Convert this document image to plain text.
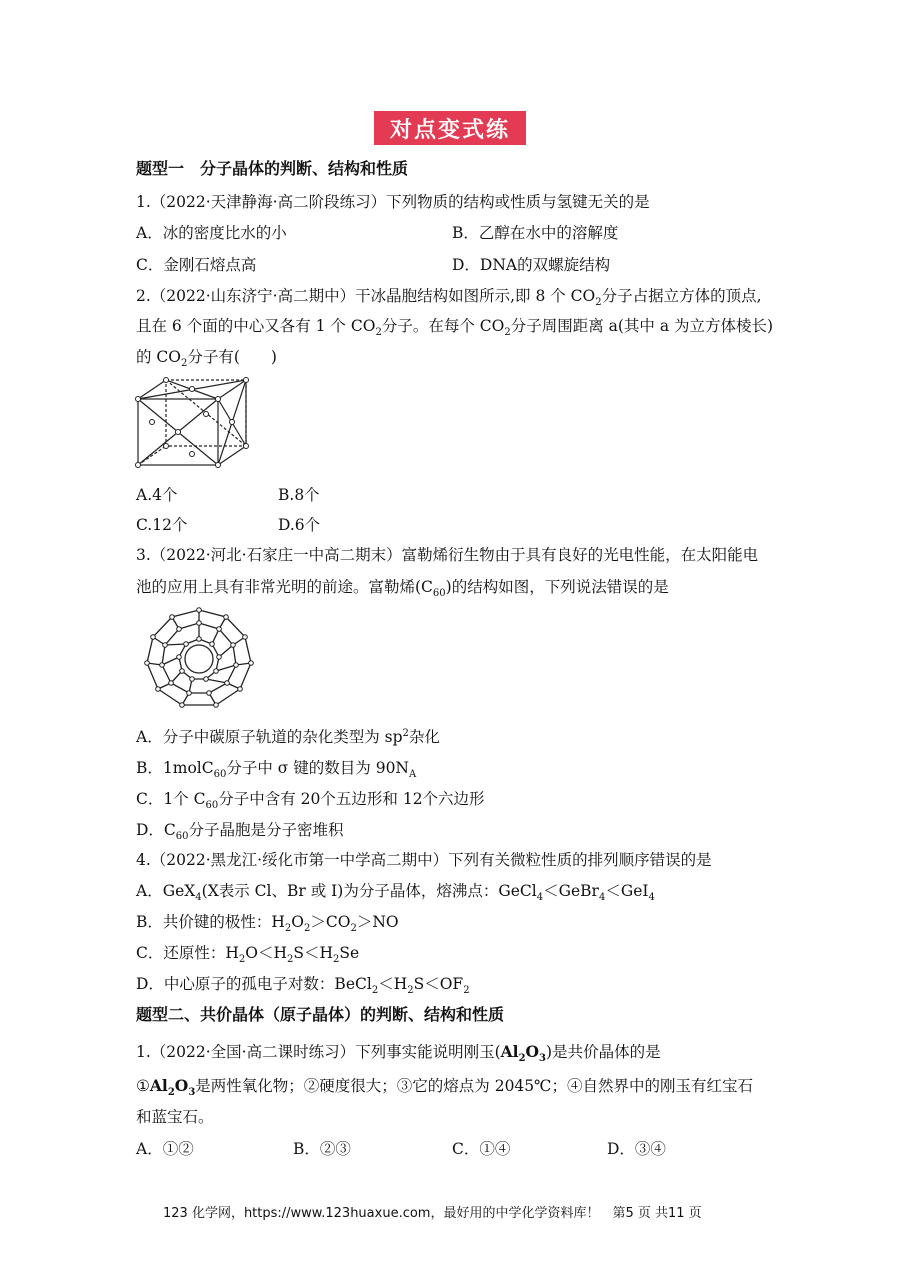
对点变式练
题型一　分子晶体的判断、结构和性质
1.（2022·天津静海·高二阶段练习）下列物质的结构或性质与氢键无关的是
A．冰的密度比水的小	B．乙醇在水中的溶解度
C．金刚石熔点高	D．DNA的双螺旋结构
2.（2022·山东济宁·高二期中）干冰晶胞结构如图所示,即 8 个 $CO_2$分子占据立方体的顶点,
且在 6 个面的中心又各有 1 个 $CO_2$分子。在每个 $CO_2$分子周围距离 a(其中 a 为立方体棱长)
的 $CO_2$分子有(　　)
A.4个	B.8个
C.12个	D.6个
3.（2022·河北·石家庄一中高二期末）富勒烯衍生物由于具有良好的光电性能，在太阳能电
池的应用上具有非常光明的前途。富勒烯$(C_{60})$的结构如图，下列说法错误的是
A．分子中碳原子轨道的杂化类型为 $sp^2$杂化
B．1molC$_{60}$分子中 σ 键的数目为 $90N_A$
C．1个 $C_{60}$分子中含有 20个五边形和 12个六边形
D．$C_{60}$分子晶胞是分子密堆积
4.（2022·黑龙江·绥化市第一中学高二期中）下列有关微粒性质的排列顺序错误的是
A．GeX$_4$(X表示 Cl、Br 或 I)为分子晶体，熔沸点：GeCl$_4$＜GeBr$_4$＜GeI$_4$
B．共价键的极性：$H_2O_2>CO_2>NO$
C．还原性：$H_2O<H_2S<H_2Se$
D．中心原子的孤电子对数：$BeCl_2<H_2S<OF_2$
题型二、共价晶体（原子晶体）的判断、结构和性质
1.（2022·全国·高二课时练习）下列事实能说明刚玉$(Al_2O_3)$是共价晶体的是
$①Al_2O_3$是两性氧化物；②硬度很大；③它的熔点为 2045℃；④自然界中的刚玉有红宝石
和蓝宝石。
A．①②	B．②③	C．①④	D．③④
123 化学网，https://www.123huaxue.com，最好用的中学化学资料库！　第5 页 共11 页
